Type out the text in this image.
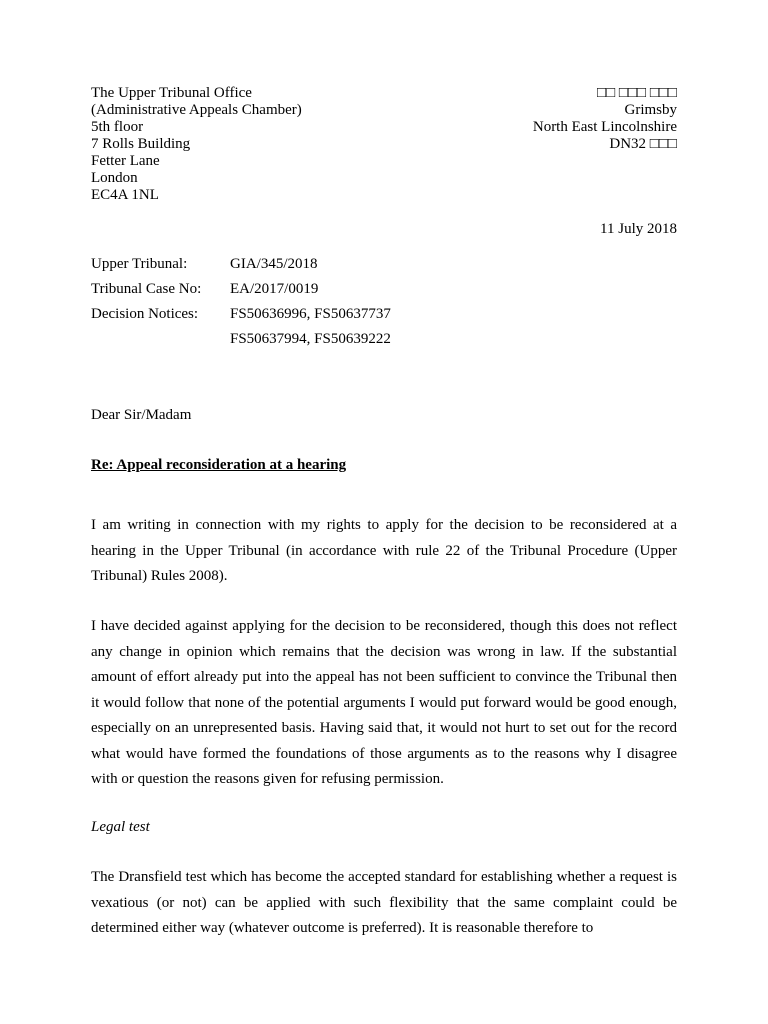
The Upper Tribunal Office
(Administrative Appeals Chamber)
5th floor
7 Rolls Building
Fetter Lane
London
EC4A 1NL
□□ □□□ □□□
Grimsby
North East Lincolnshire
DN32 □□□
11 July 2018
Upper Tribunal:	GIA/345/2018
Tribunal Case No: EA/2017/0019
Decision Notices: FS50636996, FS50637737
FS50637994, FS50639222
Dear Sir/Madam
Re: Appeal reconsideration at a hearing

I am writing in connection with my rights to apply for the decision to be reconsidered at a hearing in the Upper Tribunal (in accordance with rule 22 of the Tribunal Procedure (Upper Tribunal) Rules 2008).

I have decided against applying for the decision to be reconsidered, though this does not reflect any change in opinion which remains that the decision was wrong in law. If the substantial amount of effort already put into the appeal has not been sufficient to convince the Tribunal then it would follow that none of the potential arguments I would put forward would be good enough, especially on an unrepresented basis. Having said that, it would not hurt to set out for the record what would have formed the foundations of those arguments as to the reasons why I disagree with or question the reasons given for refusing permission.

Legal test

The Dransfield test which has become the accepted standard for establishing whether a request is vexatious (or not) can be applied with such flexibility that the same complaint could be determined either way (whatever outcome is preferred). It is reasonable therefore to
